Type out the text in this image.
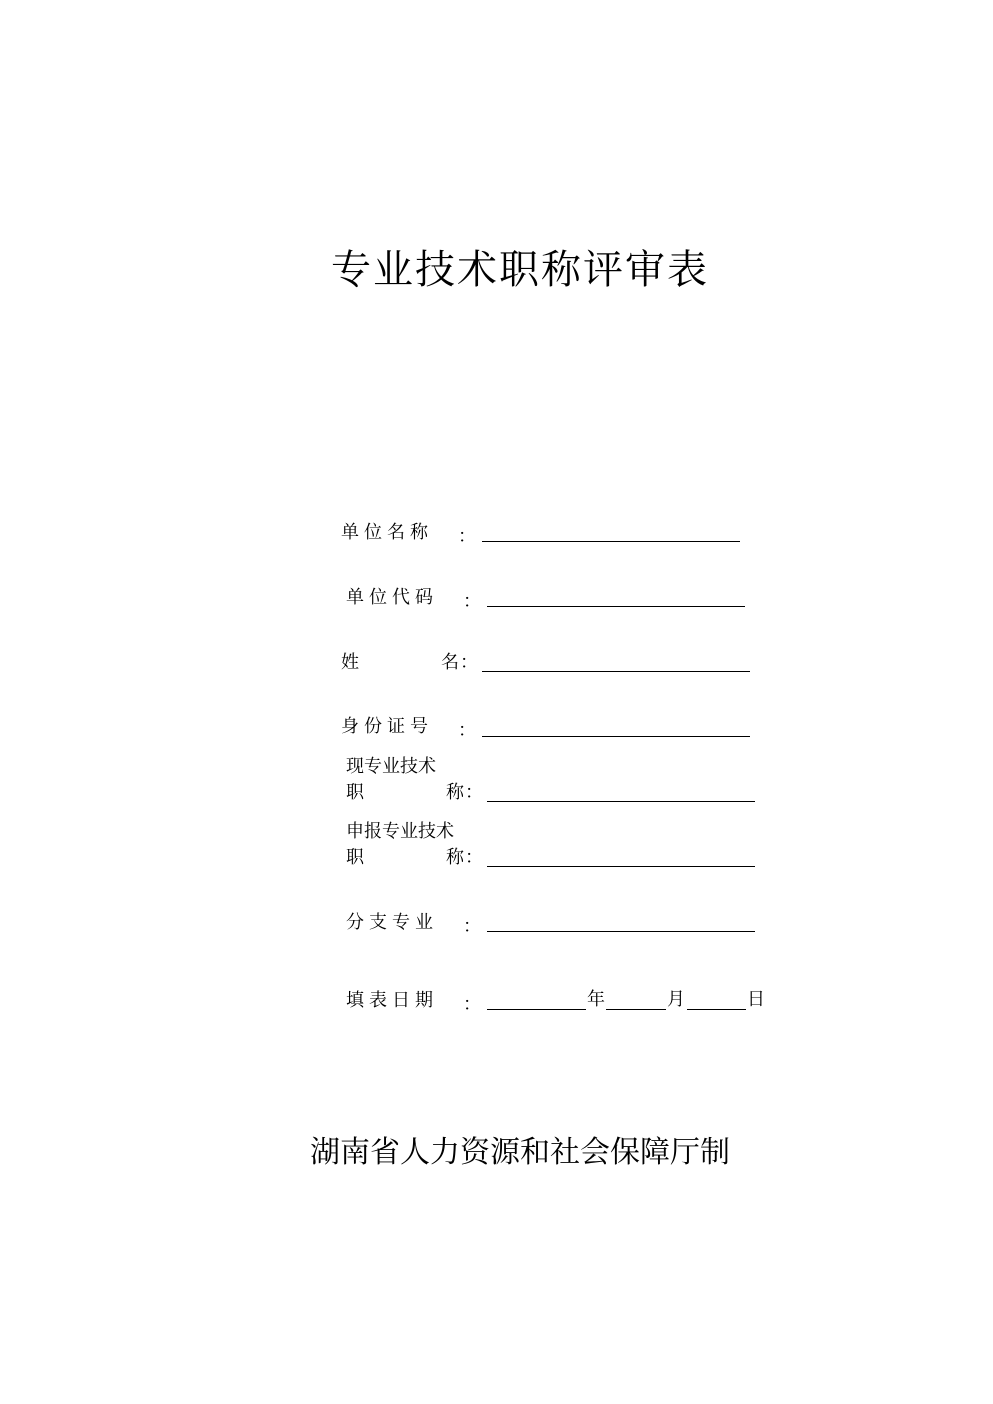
专业技术职称评审表
单位名称 ：
单位代码 ：
姓	名 ：
身份证号 ：
现专业技术
职	称 ：
申报专业技术
职	称 ：
分支专业 ：
填表日期 ：	年	月	日
湖南省人力资源和社会保障厅制
